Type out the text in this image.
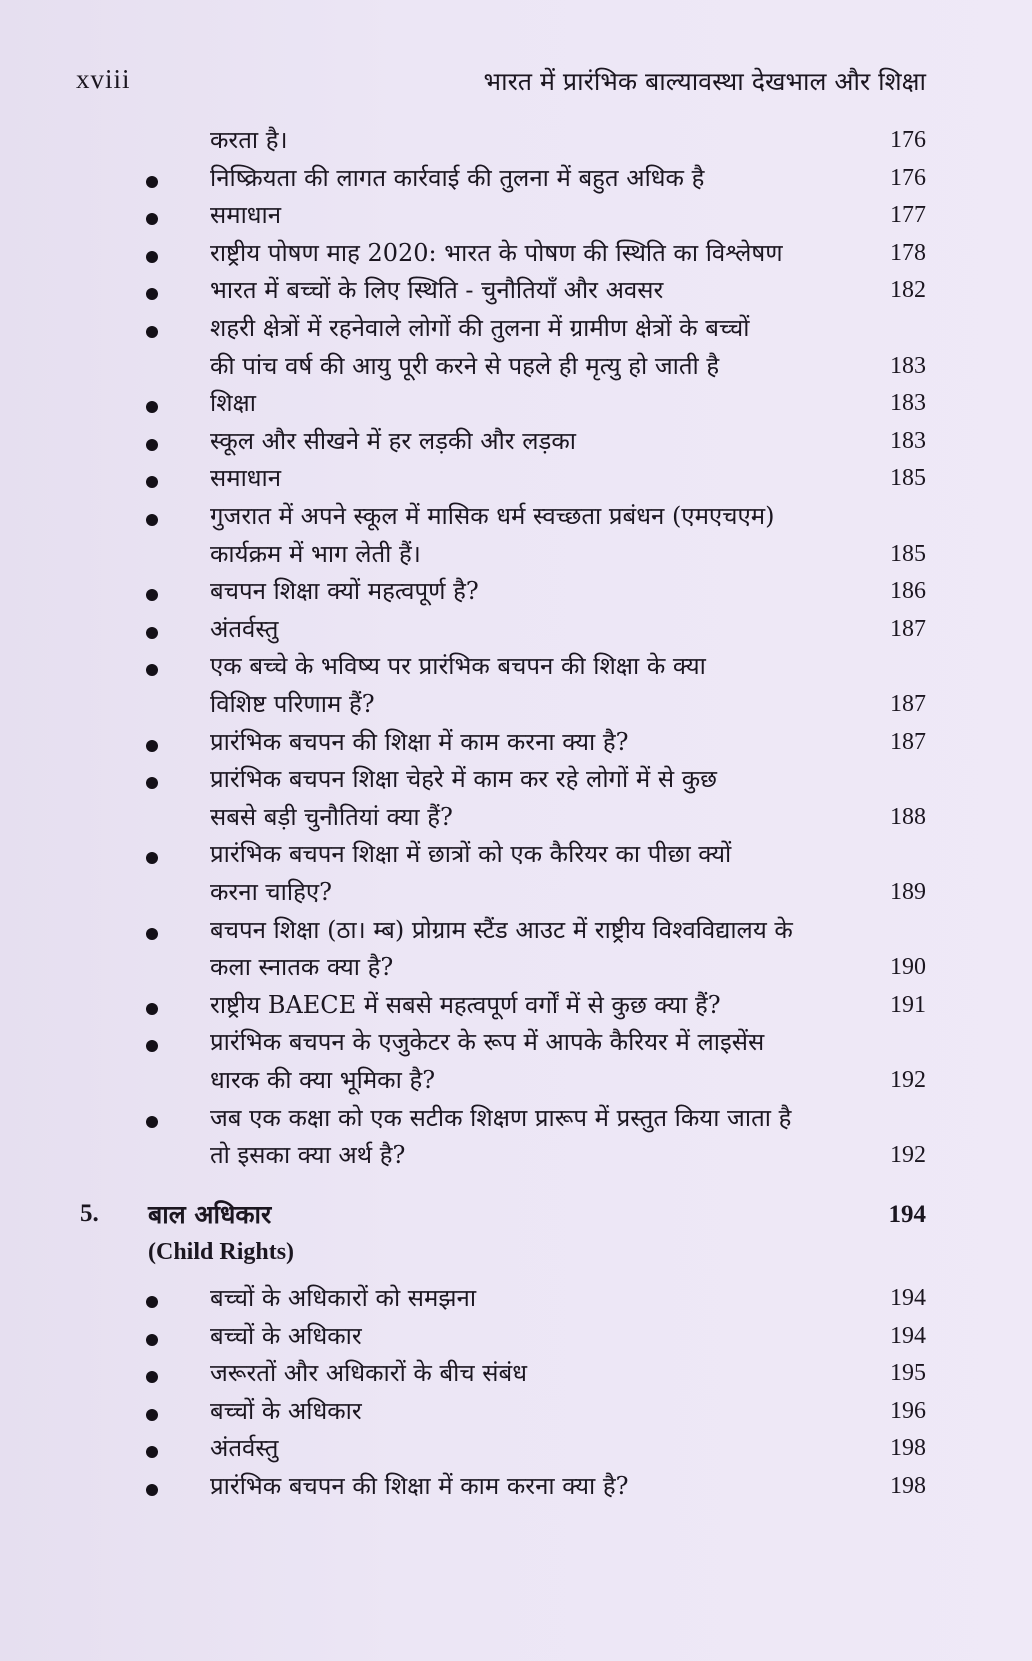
xviii	भारत में प्रारंभिक बाल्यावस्था देखभाल और शिक्षा
करता है।	176
निष्क्रियता की लागत कार्रवाई की तुलना में बहुत अधिक है	176
समाधान	177
राष्ट्रीय पोषण माह 2020: भारत के पोषण की स्थिति का विश्लेषण	178
भारत में बच्चों के लिए स्थिति - चुनौतियाँ और अवसर	182
शहरी क्षेत्रों में रहनेवाले लोगों की तुलना में ग्रामीण क्षेत्रों के बच्चों
की पांच वर्ष की आयु पूरी करने से पहले ही मृत्यु हो जाती है	183
शिक्षा	183
स्कूल और सीखने में हर लड़की और लड़का	183
समाधान	185
गुजरात में अपने स्कूल में मासिक धर्म स्वच्छता प्रबंधन (एमएचएम)
कार्यक्रम में भाग लेती हैं।	185
बचपन शिक्षा क्यों महत्वपूर्ण है?	186
अंतर्वस्तु	187
एक बच्चे के भविष्य पर प्रारंभिक बचपन की शिक्षा के क्या
विशिष्ट परिणाम हैं?	187
प्रारंभिक बचपन की शिक्षा में काम करना क्या है?	187
प्रारंभिक बचपन शिक्षा चेहरे में काम कर रहे लोगों में से कुछ
सबसे बड़ी चुनौतियां क्या हैं?	188
प्रारंभिक बचपन शिक्षा में छात्रों को एक कैरियर का पीछा क्यों
करना चाहिए?	189
बचपन शिक्षा (ठा। म्ब) प्रोग्राम स्टैंड आउट में राष्ट्रीय विश्वविद्यालय के
कला स्नातक क्या है?	190
राष्ट्रीय BAECE में सबसे महत्वपूर्ण वर्गों में से कुछ क्या हैं?	191
प्रारंभिक बचपन के एजुकेटर के रूप में आपके कैरियर में लाइसेंस
धारक की क्या भूमिका है?	192
जब एक कक्षा को एक सटीक शिक्षण प्रारूप में प्रस्तुत किया जाता है
तो इसका क्या अर्थ है?	192
5. बाल अधिकार	194
(Child Rights)
बच्चों के अधिकारों को समझना	194
बच्चों के अधिकार	194
जरूरतों और अधिकारों के बीच संबंध	195
बच्चों के अधिकार	196
अंतर्वस्तु	198
प्रारंभिक बचपन की शिक्षा में काम करना क्या है?	198
